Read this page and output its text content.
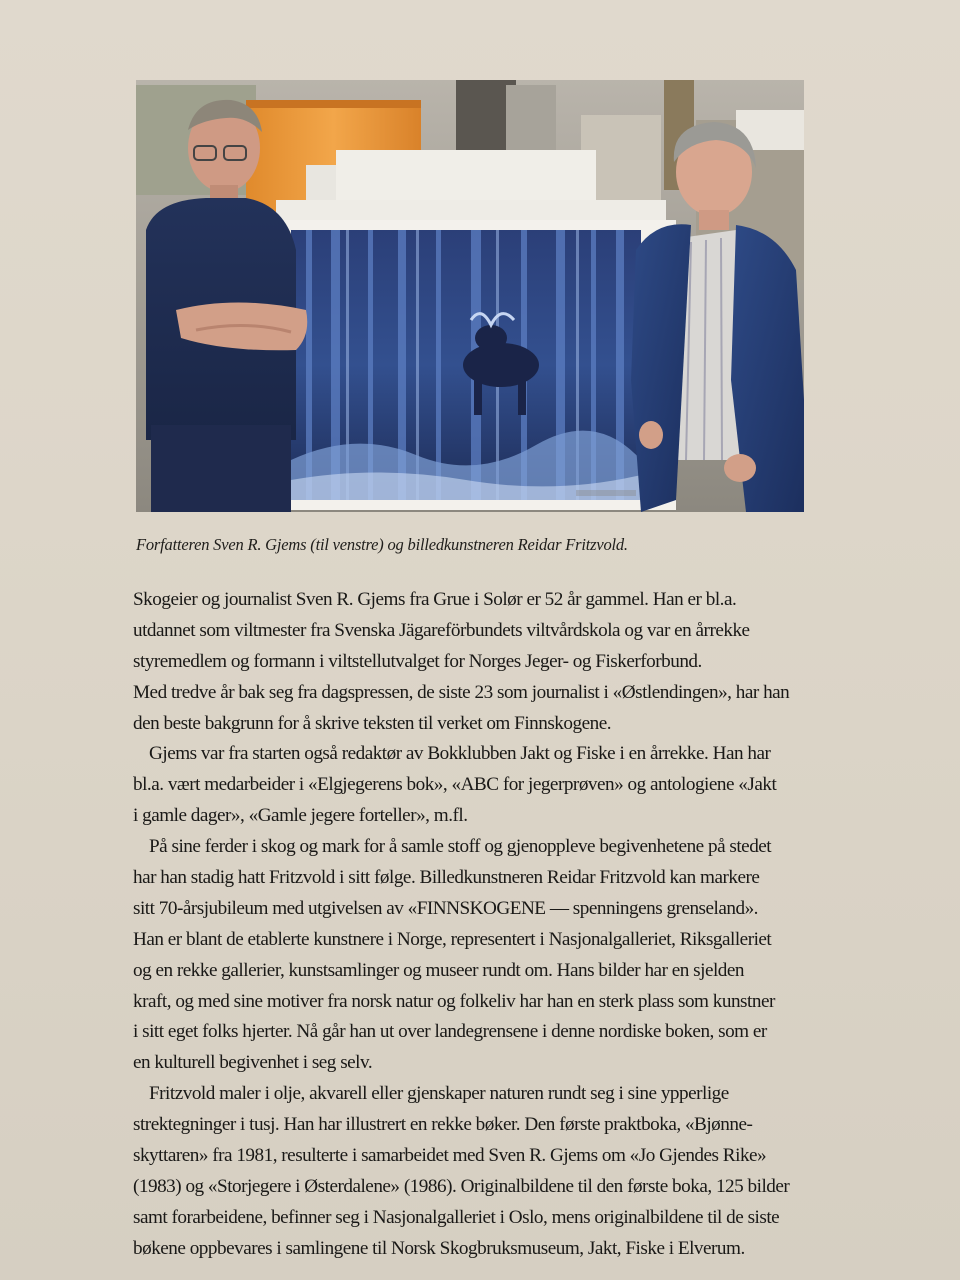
Forfatteren Sven R. Gjems (til venstre) og billedkunstneren Reidar Fritzvold.
Skogeier og journalist Sven R. Gjems fra Grue i Solør er 52 år gammel. Han er bl.a.
utdannet som viltmester fra Svenska Jägareförbundets viltvårdskola og var en årrekke
styremedlem og formann i viltstellutvalget for Norges Jeger- og Fiskerforbund.
Med tredve år bak seg fra dagspressen, de siste 23 som journalist i «Østlendingen», har han
den beste bakgrunn for å skrive teksten til verket om Finnskogene.
Gjems var fra starten også redaktør av Bokklubben Jakt og Fiske i en årrekke. Han har
bl.a. vært medarbeider i «Elgjegerens bok», «ABC for jegerprøven» og antologiene «Jakt
i gamle dager», «Gamle jegere forteller», m.fl.
På sine ferder i skog og mark for å samle stoff og gjenoppleve begivenhetene på stedet
har han stadig hatt Fritzvold i sitt følge. Billedkunstneren Reidar Fritzvold kan markere
sitt 70-årsjubileum med utgivelsen av «FINNSKOGENE — spenningens grenseland».
Han er blant de etablerte kunstnere i Norge, representert i Nasjonalgalleriet, Riksgalleriet
og en rekke gallerier, kunstsamlinger og museer rundt om. Hans bilder har en sjelden
kraft, og med sine motiver fra norsk natur og folkeliv har han en sterk plass som kunstner
i sitt eget folks hjerter. Nå går han ut over landegrensene i denne nordiske boken, som er
en kulturell begivenhet i seg selv.
Fritzvold maler i olje, akvarell eller gjenskaper naturen rundt seg i sine ypperlige
strektegninger i tusj. Han har illustrert en rekke bøker. Den første praktboka, «Bjønne-
skyttaren» fra 1981, resulterte i samarbeidet med Sven R. Gjems om «Jo Gjendes Rike»
(1983) og «Storjegere i Østerdalene» (1986). Originalbildene til den første boka, 125 bilder
samt forarbeidene, befinner seg i Nasjonalgalleriet i Oslo, mens originalbildene til de siste
bøkene oppbevares i samlingene til Norsk Skogbruksmuseum, Jakt, Fiske i Elverum.
